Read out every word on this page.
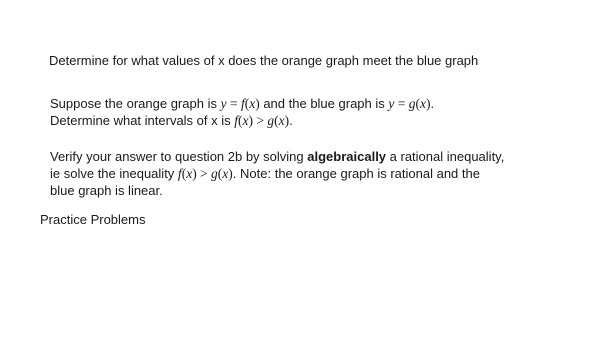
Determine for what values of x does the orange graph meet the blue graph
Suppose the orange graph is y = f(x) and the blue graph is y = g(x).
Determine what intervals of x is f(x) > g(x).
Verify your answer to question 2b by solving algebraically a rational inequality,
ie solve the inequality f(x) > g(x). Note: the orange graph is rational and the
blue graph is linear.
Practice Problems
